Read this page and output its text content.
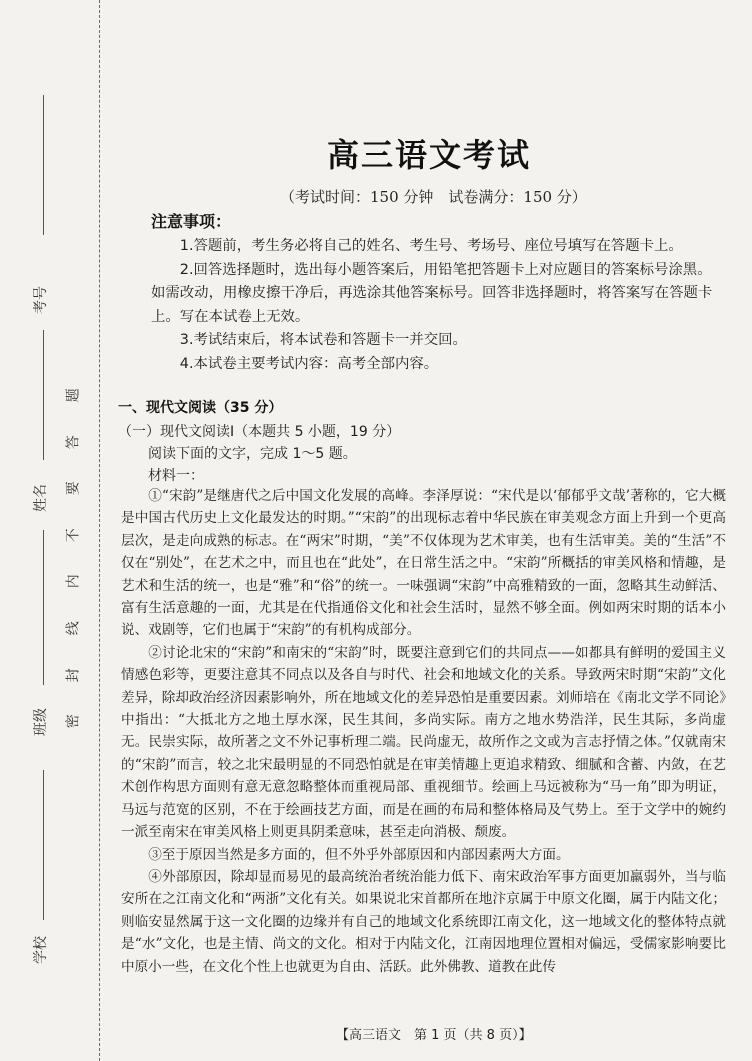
考号
姓名
班级
学校
题
答
要
不
内
线
封
密
高三语文考试
（考试时间：150 分钟　试卷满分：150 分）
注意事项：

1.答题前，考生务必将自己的姓名、考生号、考场号、座位号填写在答题卡上。

2.回答选择题时，选出每小题答案后，用铅笔把答题卡上对应题目的答案标号涂黑。如需改动，用橡皮擦干净后，再选涂其他答案标号。回答非选择题时，将答案写在答题卡上。写在本试卷上无效。

3.考试结束后，将本试卷和答题卡一并交回。

4.本试卷主要考试内容：高考全部内容。

一、现代文阅读（35 分）
（一）现代文阅读Ⅰ（本题共 5 小题，19 分）
阅读下面的文字，完成 1～5 题。
材料一：

①“宋韵”是继唐代之后中国文化发展的高峰。李泽厚说：“宋代是以‘郁郁乎文哉’著称的，它大概是中国古代历史上文化最发达的时期。”“宋韵”的出现标志着中华民族在审美观念方面上升到一个更高层次，是走向成熟的标志。在“两宋”时期，“美”不仅体现为艺术审美，也有生活审美。美的“生活”不仅在“别处”，在艺术之中，而且也在“此处”，在日常生活之中。“宋韵”所概括的审美风格和情趣，是艺术和生活的统一，也是“雅”和“俗”的统一。一味强调“宋韵”中高雅精致的一面，忽略其生动鲜活、富有生活意趣的一面，尤其是在代指通俗文化和社会生活时，显然不够全面。例如两宋时期的话本小说、戏剧等，它们也属于“宋韵”的有机构成部分。

②讨论北宋的“宋韵”和南宋的“宋韵”时，既要注意到它们的共同点——如都具有鲜明的爱国主义情感色彩等，更要注意其不同点以及各自与时代、社会和地域文化的关系。导致两宋时期“宋韵”文化差异，除却政治经济因素影响外，所在地域文化的差异恐怕是重要因素。刘师培在《南北文学不同论》中指出：“大抵北方之地土厚水深，民生其间，多尚实际。南方之地水势浩洋，民生其际，多尚虚无。民崇实际，故所著之文不外记事析理二端。民尚虚无，故所作之文或为言志抒情之体。”仅就南宋的“宋韵”而言，较之北宋最明显的不同恐怕就是在审美情趣上更追求精致、细腻和含蓄、内敛，在艺术创作构思方面则有意无意忽略整体而重视局部、重视细节。绘画上马远被称为“马一角”即为明证，马远与范宽的区别，不在于绘画技艺方面，而是在画的布局和整体格局及气势上。至于文学中的婉约一派至南宋在审美风格上则更具阴柔意味，甚至走向消极、颓废。

③至于原因当然是多方面的，但不外乎外部原因和内部因素两大方面。

④外部原因，除却显而易见的最高统治者统治能力低下、南宋政治军事方面更加羸弱外，当与临安所在之江南文化和“两浙”文化有关。如果说北宋首都所在地汴京属于中原文化圈，属于内陆文化；则临安显然属于这一文化圈的边缘并有自己的地域文化系统即江南文化，这一地域文化的整体特点就是“水”文化，也是主情、尚文的文化。相对于内陆文化，江南因地理位置相对偏远，受儒家影响要比中原小一些，在文化个性上也就更为自由、活跃。此外佛教、道教在此传

【高三语文　第 1 页（共 8 页）】
